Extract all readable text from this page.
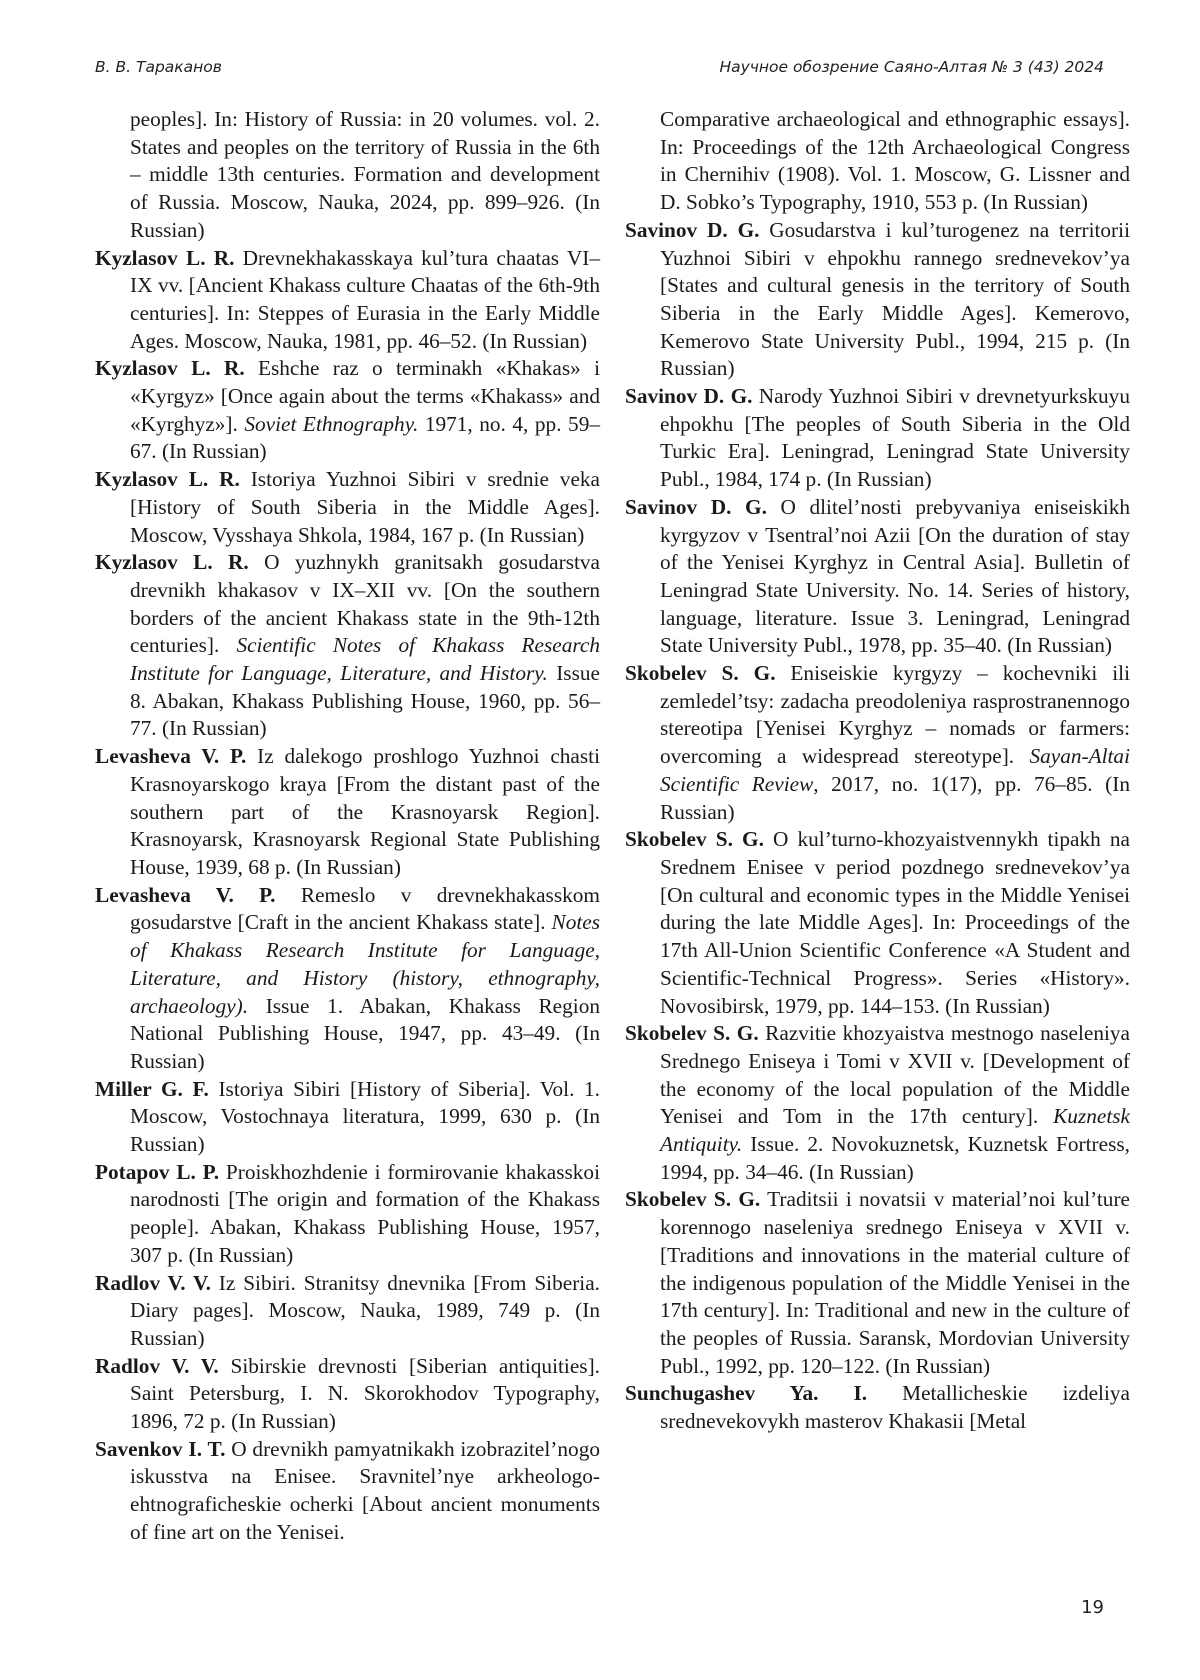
В. В. Тараканов	Научное обозрение Саяно-Алтая № 3 (43) 2024

peoples]. In: History of Russia: in 20 volumes. vol. 2. States and peoples on the territory of Russia in the 6th – middle 13th centuries. Formation and development of Russia. Moscow, Nauka, 2024, pp. 899–926. (In Russian)

Kyzlasov L. R. Drevnekhakasskaya kul’tura chaatas VI–IX vv. [Ancient Khakass culture Chaatas of the 6th-9th centuries]. In: Steppes of Eurasia in the Early Middle Ages. Moscow, Nauka, 1981, pp. 46–52. (In Russian)

Kyzlasov L. R. Eshche raz o terminakh «Khakas» i «Kyrgyz» [Once again about the terms «Khakass» and «Kyrghyz»]. Soviet Ethnography. 1971, no. 4, pp. 59–67. (In Russian)

Kyzlasov L. R. Istoriya Yuzhnoi Sibiri v srednie veka [History of South Siberia in the Middle Ages]. Moscow, Vysshaya Shkola, 1984, 167 p. (In Russian)

Kyzlasov L. R. O yuzhnykh granitsakh gosudarstva drevnikh khakasov v IX–XII vv. [On the southern borders of the ancient Khakass state in the 9th-12th centuries]. Scientific Notes of Khakass Research Institute for Language, Literature, and History. Issue 8. Abakan, Khakass Publishing House, 1960, pp. 56–77. (In Russian)

Levasheva V. P. Iz dalekogo proshlogo Yuzhnoi chasti Krasnoyarskogo kraya [From the distant past of the southern part of the Krasnoyarsk Region]. Krasnoyarsk, Krasnoyarsk Regional State Publishing House, 1939, 68 p. (In Russian)

Levasheva V. P. Remeslo v drevnekhakasskom gosudarstve [Craft in the ancient Khakass state]. Notes of Khakass Research Institute for Language, Literature, and History (history, ethnography, archaeology). Issue 1. Abakan, Khakass Region National Publishing House, 1947, pp. 43–49. (In Russian)

Miller G. F. Istoriya Sibiri [History of Siberia]. Vol. 1. Moscow, Vostochnaya literatura, 1999, 630 p. (In Russian)

Potapov L. P. Proiskhozhdenie i formirovanie khakasskoi narodnosti [The origin and formation of the Khakass people]. Abakan, Khakass Publishing House, 1957, 307 p. (In Russian)

Radlov V. V. Iz Sibiri. Stranitsy dnevnika [From Siberia. Diary pages]. Moscow, Nauka, 1989, 749 p. (In Russian)

Radlov V. V. Sibirskie drevnosti [Siberian antiquities]. Saint Petersburg, I. N. Skorokhodov Typography, 1896, 72 p. (In Russian)

Savenkov I. T. O drevnikh pamyatnikakh izobrazitel’nogo iskusstva na Enisee. Sravnitel’nye arkheologo-ehtnograficheskie ocherki [About ancient monuments of fine art on the Yenisei.

Comparative archaeological and ethnographic essays]. In: Proceedings of the 12th Archaeological Congress in Chernihiv (1908). Vol. 1. Moscow, G. Lissner and D. Sobko’s Typography, 1910, 553 p. (In Russian)

Savinov D. G. Gosudarstva i kul’turogenez na territorii Yuzhnoi Sibiri v ehpokhu rannego srednevekov’ya [States and cultural genesis in the territory of South Siberia in the Early Middle Ages]. Kemerovo, Kemerovo State University Publ., 1994, 215 p. (In Russian)

Savinov D. G. Narody Yuzhnoi Sibiri v drevnetyurkskuyu ehpokhu [The peoples of South Siberia in the Old Turkic Era]. Leningrad, Leningrad State University Publ., 1984, 174 p. (In Russian)

Savinov D. G. O dlitel’nosti prebyvaniya eniseiskikh kyrgyzov v Tsentral’noi Azii [On the duration of stay of the Yenisei Kyrghyz in Central Asia]. Bulletin of Leningrad State University. No. 14. Series of history, language, literature. Issue 3. Leningrad, Leningrad State University Publ., 1978, pp. 35–40. (In Russian)

Skobelev S. G. Eniseiskie kyrgyzy – kochevniki ili zemledel’tsy: zadacha preodoleniya rasprostranennogo stereotipa [Yenisei Kyrghyz – nomads or farmers: overcoming a widespread stereotype]. Sayan-Altai Scientific Review, 2017, no. 1(17), pp. 76–85. (In Russian)

Skobelev S. G. O kul’turno-khozyaistvennykh tipakh na Srednem Enisee v period pozdnego srednevekov’ya [On cultural and economic types in the Middle Yenisei during the late Middle Ages]. In: Proceedings of the 17th All-Union Scientific Conference «A Student and Scientific-Technical Progress». Series «History». Novosibirsk, 1979, pp. 144–153. (In Russian)

Skobelev S. G. Razvitie khozyaistva mestnogo naseleniya Srednego Eniseya i Tomi v XVII v. [Development of the economy of the local population of the Middle Yenisei and Tom in the 17th century]. Kuznetsk Antiquity. Issue. 2. Novokuznetsk, Kuznetsk Fortress, 1994, pp. 34–46. (In Russian)

Skobelev S. G. Traditsii i novatsii v material’noi kul’ture korennogo naseleniya srednego Eniseya v XVII v. [Traditions and innovations in the material culture of the indigenous population of the Middle Yenisei in the 17th century]. In: Traditional and new in the culture of the peoples of Russia. Saransk, Mordovian University Publ., 1992, pp. 120–122. (In Russian)

Sunchugashev Ya. I. Metallicheskie izdeliya srednevekovykh masterov Khakasii [Metal

19
